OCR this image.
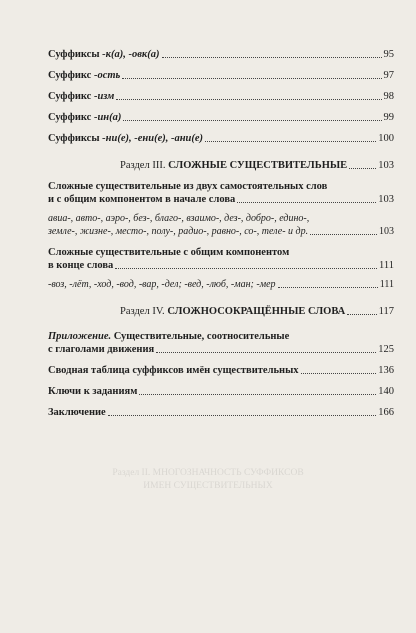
Раздел II. МНОГОЗНАЧНОСТЬ СУФФИКСОВ
ИМЁН СУЩЕСТВИТЕЛЬНЫХ
Суффиксы -к(а), -овк(а)	95
Суффикс -ость	97
Суффикс -изм	98
Суффикс -ин(а)	99
Суффиксы -ни(е), -ени(е), -ани(е)	100
Раздел III. СЛОЖНЫЕ СУЩЕСТВИТЕЛЬНЫЕ	103
Сложные существительные из двух самостоятельных слов
и с общим компонентом в начале слова	103
авиа-, авто-, аэро-, без-, благо-, взаимо-, дез-, добро-, едино-,
земле-, жизне-, место-, полу-, радио-, равно-, со-, теле- и др.	103
Сложные существительные с общим компонентом
в конце слова	111
-воз, -лёт, -ход, -вод, -вар, -дел; -вед, -люб, -ман; -мер	111
Раздел IV. СЛОЖНОСОКРАЩЁННЫЕ СЛОВА	117
Приложение. Существительные, соотносительные
с глаголами движения	125
Сводная таблица суффиксов имён существительных	136
Ключи к заданиям	140
Заключение	166
